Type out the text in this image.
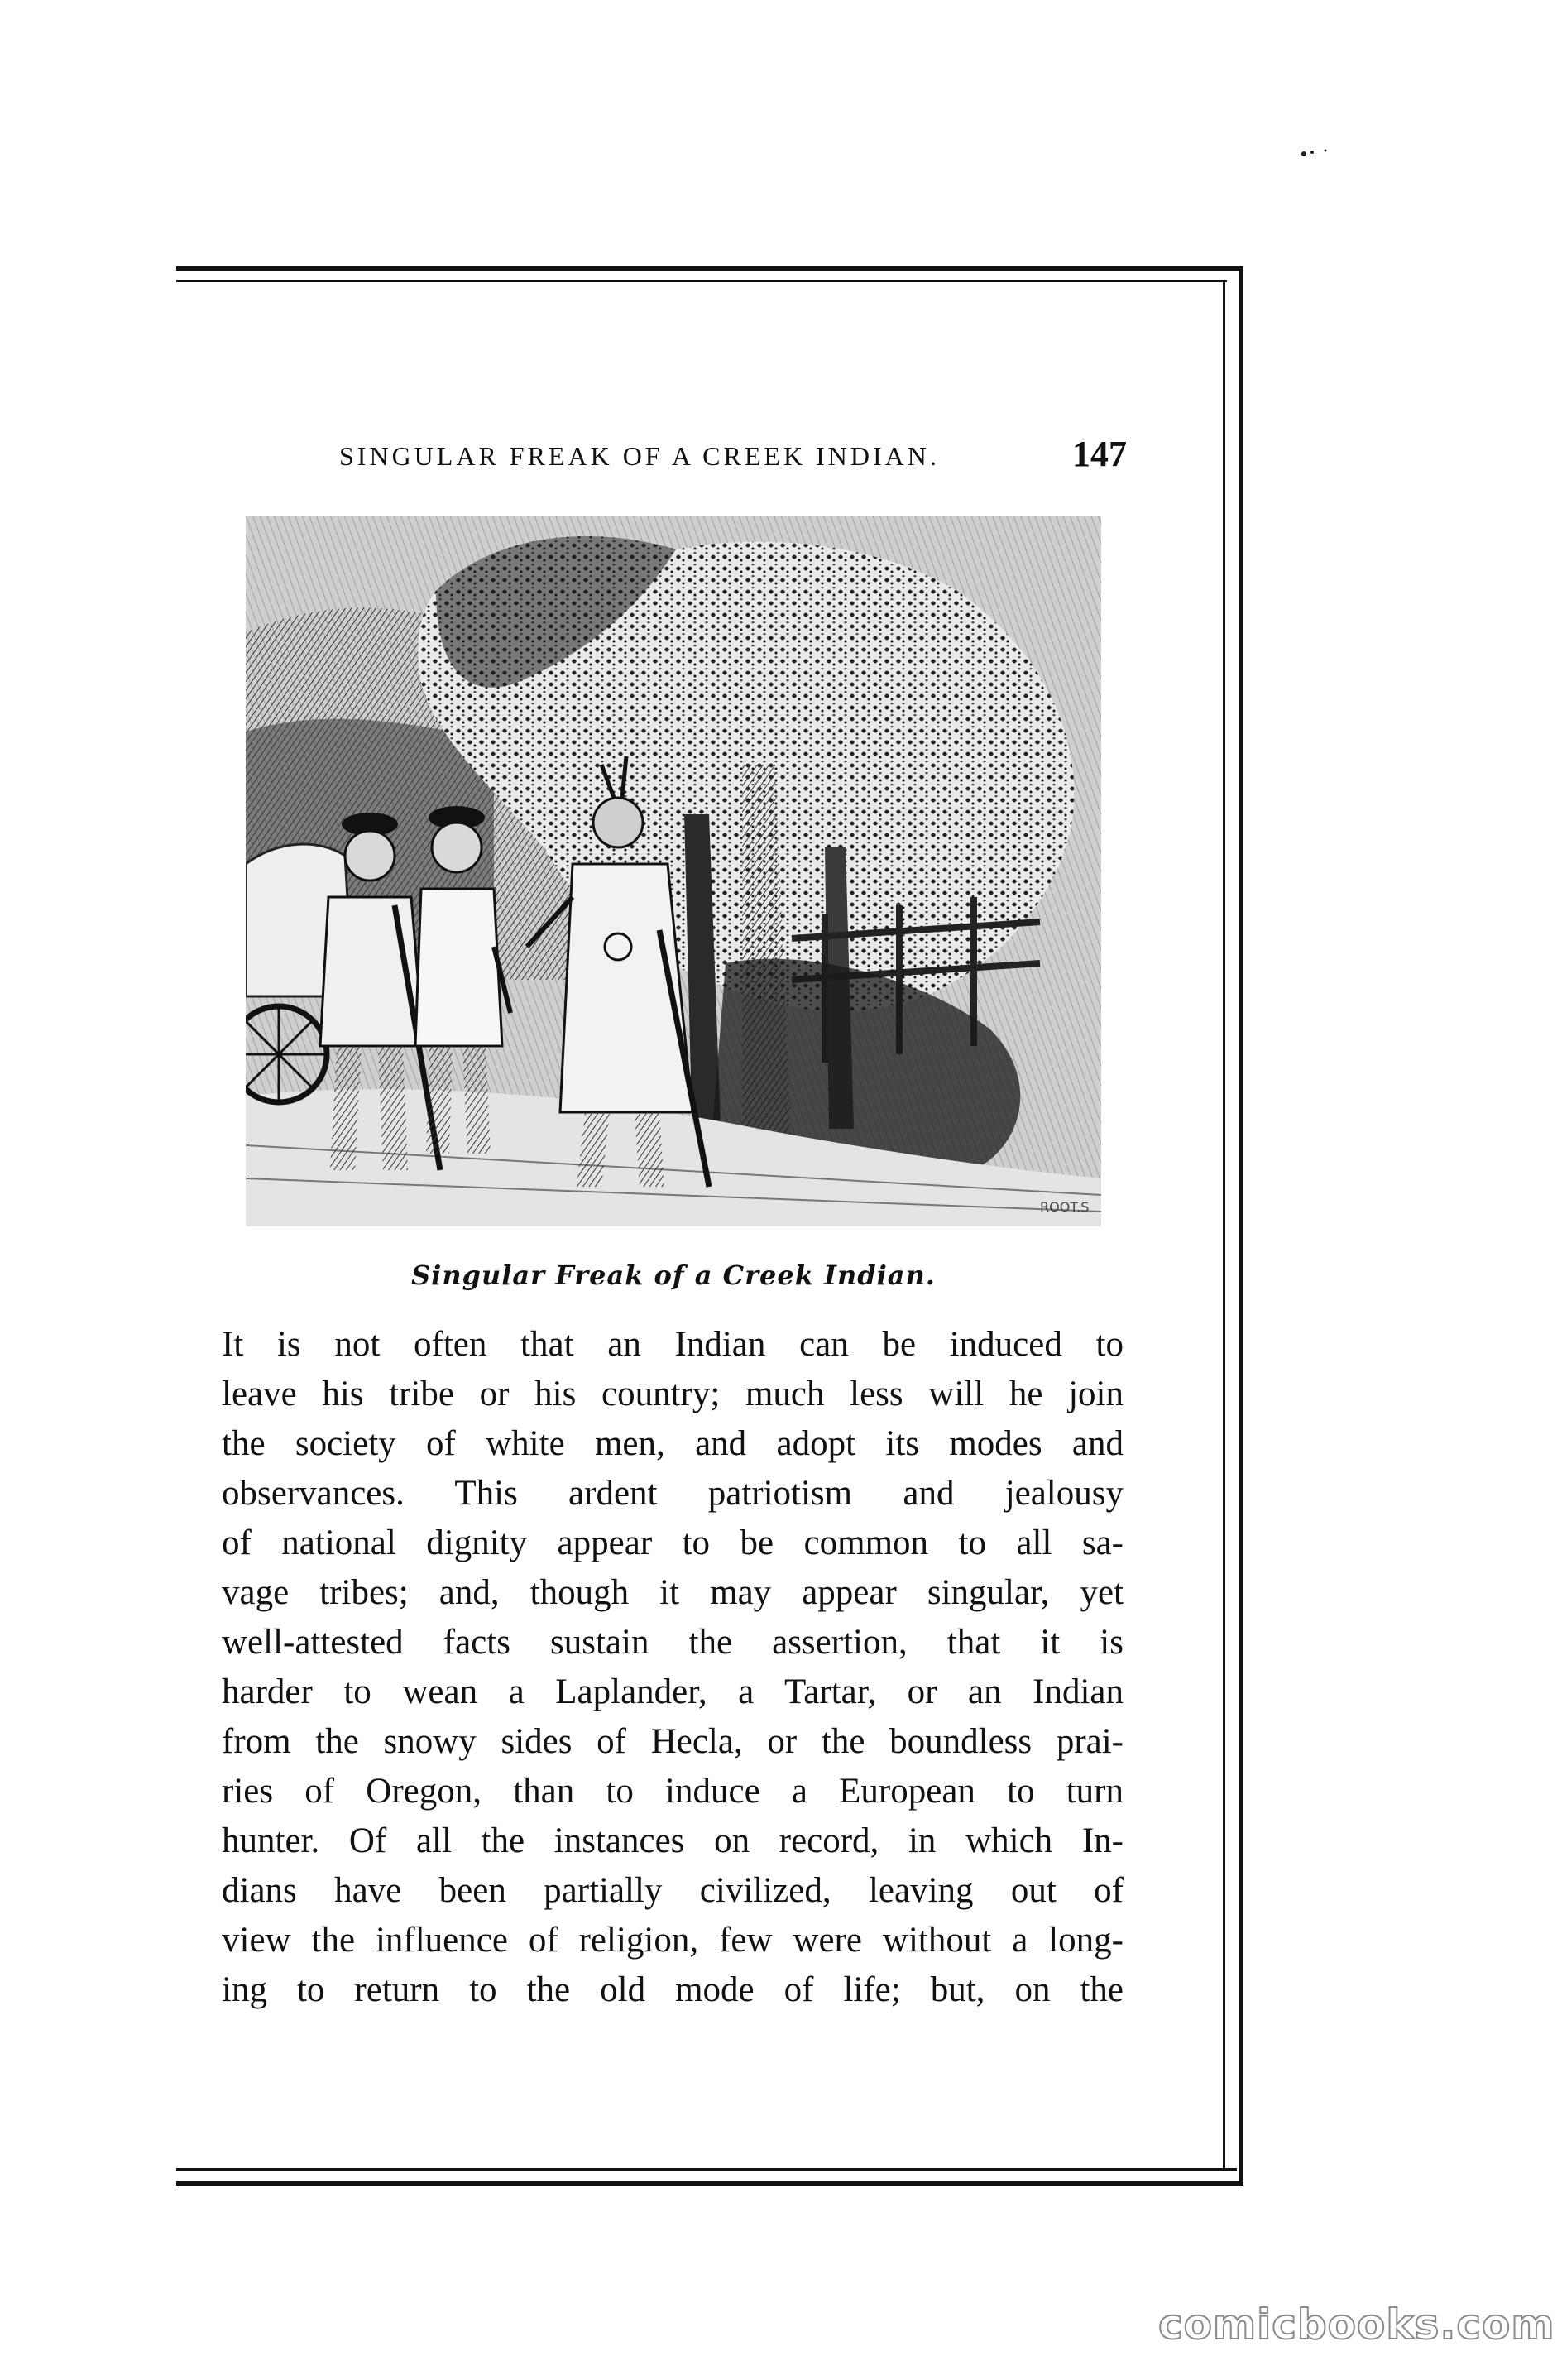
SINGULAR FREAK OF A CREEK INDIAN.	147
ROOT.S
Singular Freak of a Creek Indian.
It is not often that an Indian can be induced to
leave his tribe or his country; much less will he join
the society of white men, and adopt its modes and
observances. This ardent patriotism and jealousy
of national dignity appear to be common to all sa-
vage tribes; and, though it may appear singular, yet
well-attested facts sustain the assertion, that it is
harder to wean a Laplander, a Tartar, or an Indian
from the snowy sides of Hecla, or the boundless prai-
ries of Oregon, than to induce a European to turn
hunter. Of all the instances on record, in which In-
dians have been partially civilized, leaving out of
view the influence of religion, few were without a long-
ing to return to the old mode of life; but, on the
comicbooks.com
